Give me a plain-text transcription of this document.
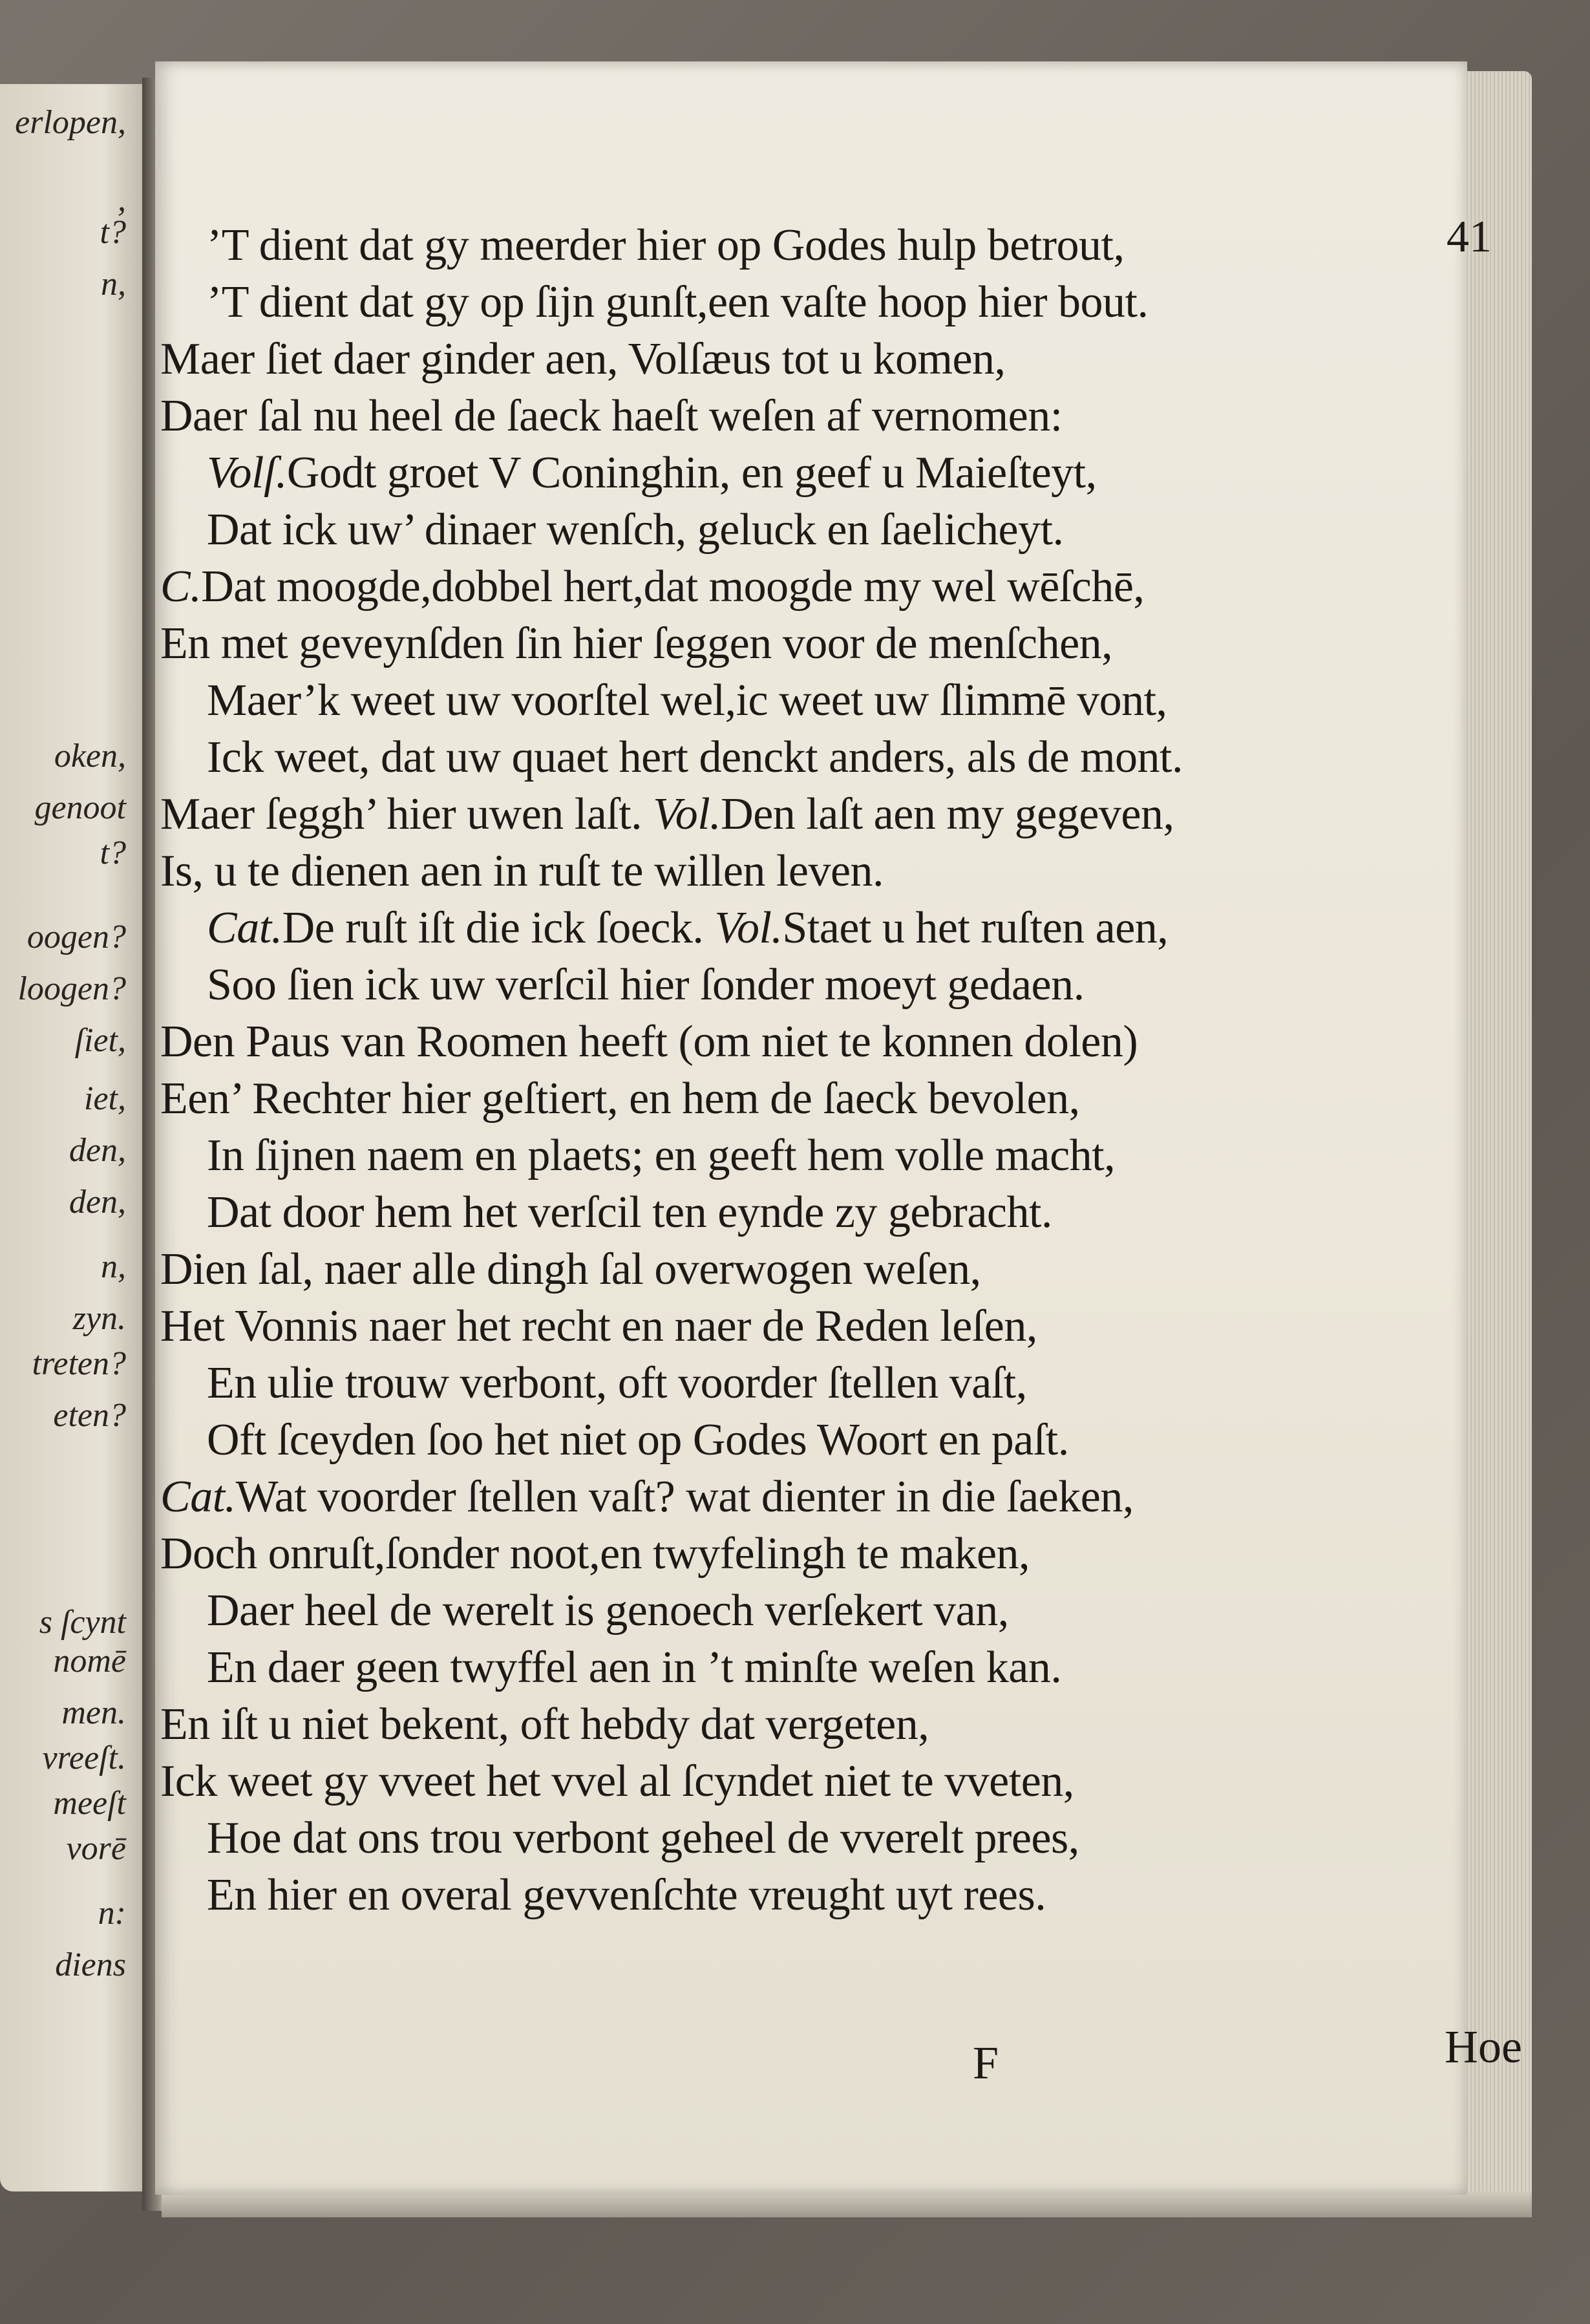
erlopen,
,
t?
n,
oken,
genoot
t?
oogen?
loogen?
ſiet,
iet,
den,
den,
n,
zyn.
treten?
eten?
s ſcynt
nomē
men.
vreeſt.
meeſt
vorē
n:
diens
41
’T dient dat gy meerder hier op Godes hulp betrout,
’T dient dat gy op ſijn gunſt,een vaſte hoop hier bout.
Maer ſiet daer ginder aen, Volſæus tot u komen,
Daer ſal nu heel de ſaeck haeſt weſen af vernomen:
Volſ.Godt groet V Coninghin, en geef u Maieſteyt,
Dat ick uw’ dinaer wenſch, geluck en ſaelicheyt.
C.Dat moogde,dobbel hert,dat moogde my wel wēſchē,
En met geveynſden ſin hier ſeggen voor de menſchen,
Maer’k weet uw voorſtel wel,ic weet uw ſlimmē vont,
Ick weet, dat uw quaet hert denckt anders, als de mont.
Maer ſeggh’ hier uwen laſt. Vol.Den laſt aen my gegeven,
Is, u te dienen aen in ruſt te willen leven.
Cat.De ruſt iſt die ick ſoeck. Vol.Staet u het ruſten aen,
Soo ſien ick uw verſcil hier ſonder moeyt gedaen.
Den Paus van Roomen heeft (om niet te konnen dolen)
Een’ Rechter hier geſtiert, en hem de ſaeck bevolen,
In ſijnen naem en plaets; en geeft hem volle macht,
Dat door hem het verſcil ten eynde zy gebracht.
Dien ſal, naer alle dingh ſal overwogen weſen,
Het Vonnis naer het recht en naer de Reden leſen,
En ulie trouw verbont, oft voorder ſtellen vaſt,
Oft ſceyden ſoo het niet op Godes Woort en paſt.
Cat.Wat voorder ſtellen vaſt? wat dienter in die ſaeken,
Doch onruſt,ſonder noot,en twyfelingh te maken,
Daer heel de werelt is genoech verſekert van,
En daer geen twyffel aen in ’t minſte weſen kan.
En iſt u niet bekent, oft hebdy dat vergeten,
Ick weet gy vveet het vvel al ſcyndet niet te vveten,
Hoe dat ons trou verbont geheel de vverelt prees,
En hier en overal gevvenſchte vreught uyt rees.
F	Hoe
